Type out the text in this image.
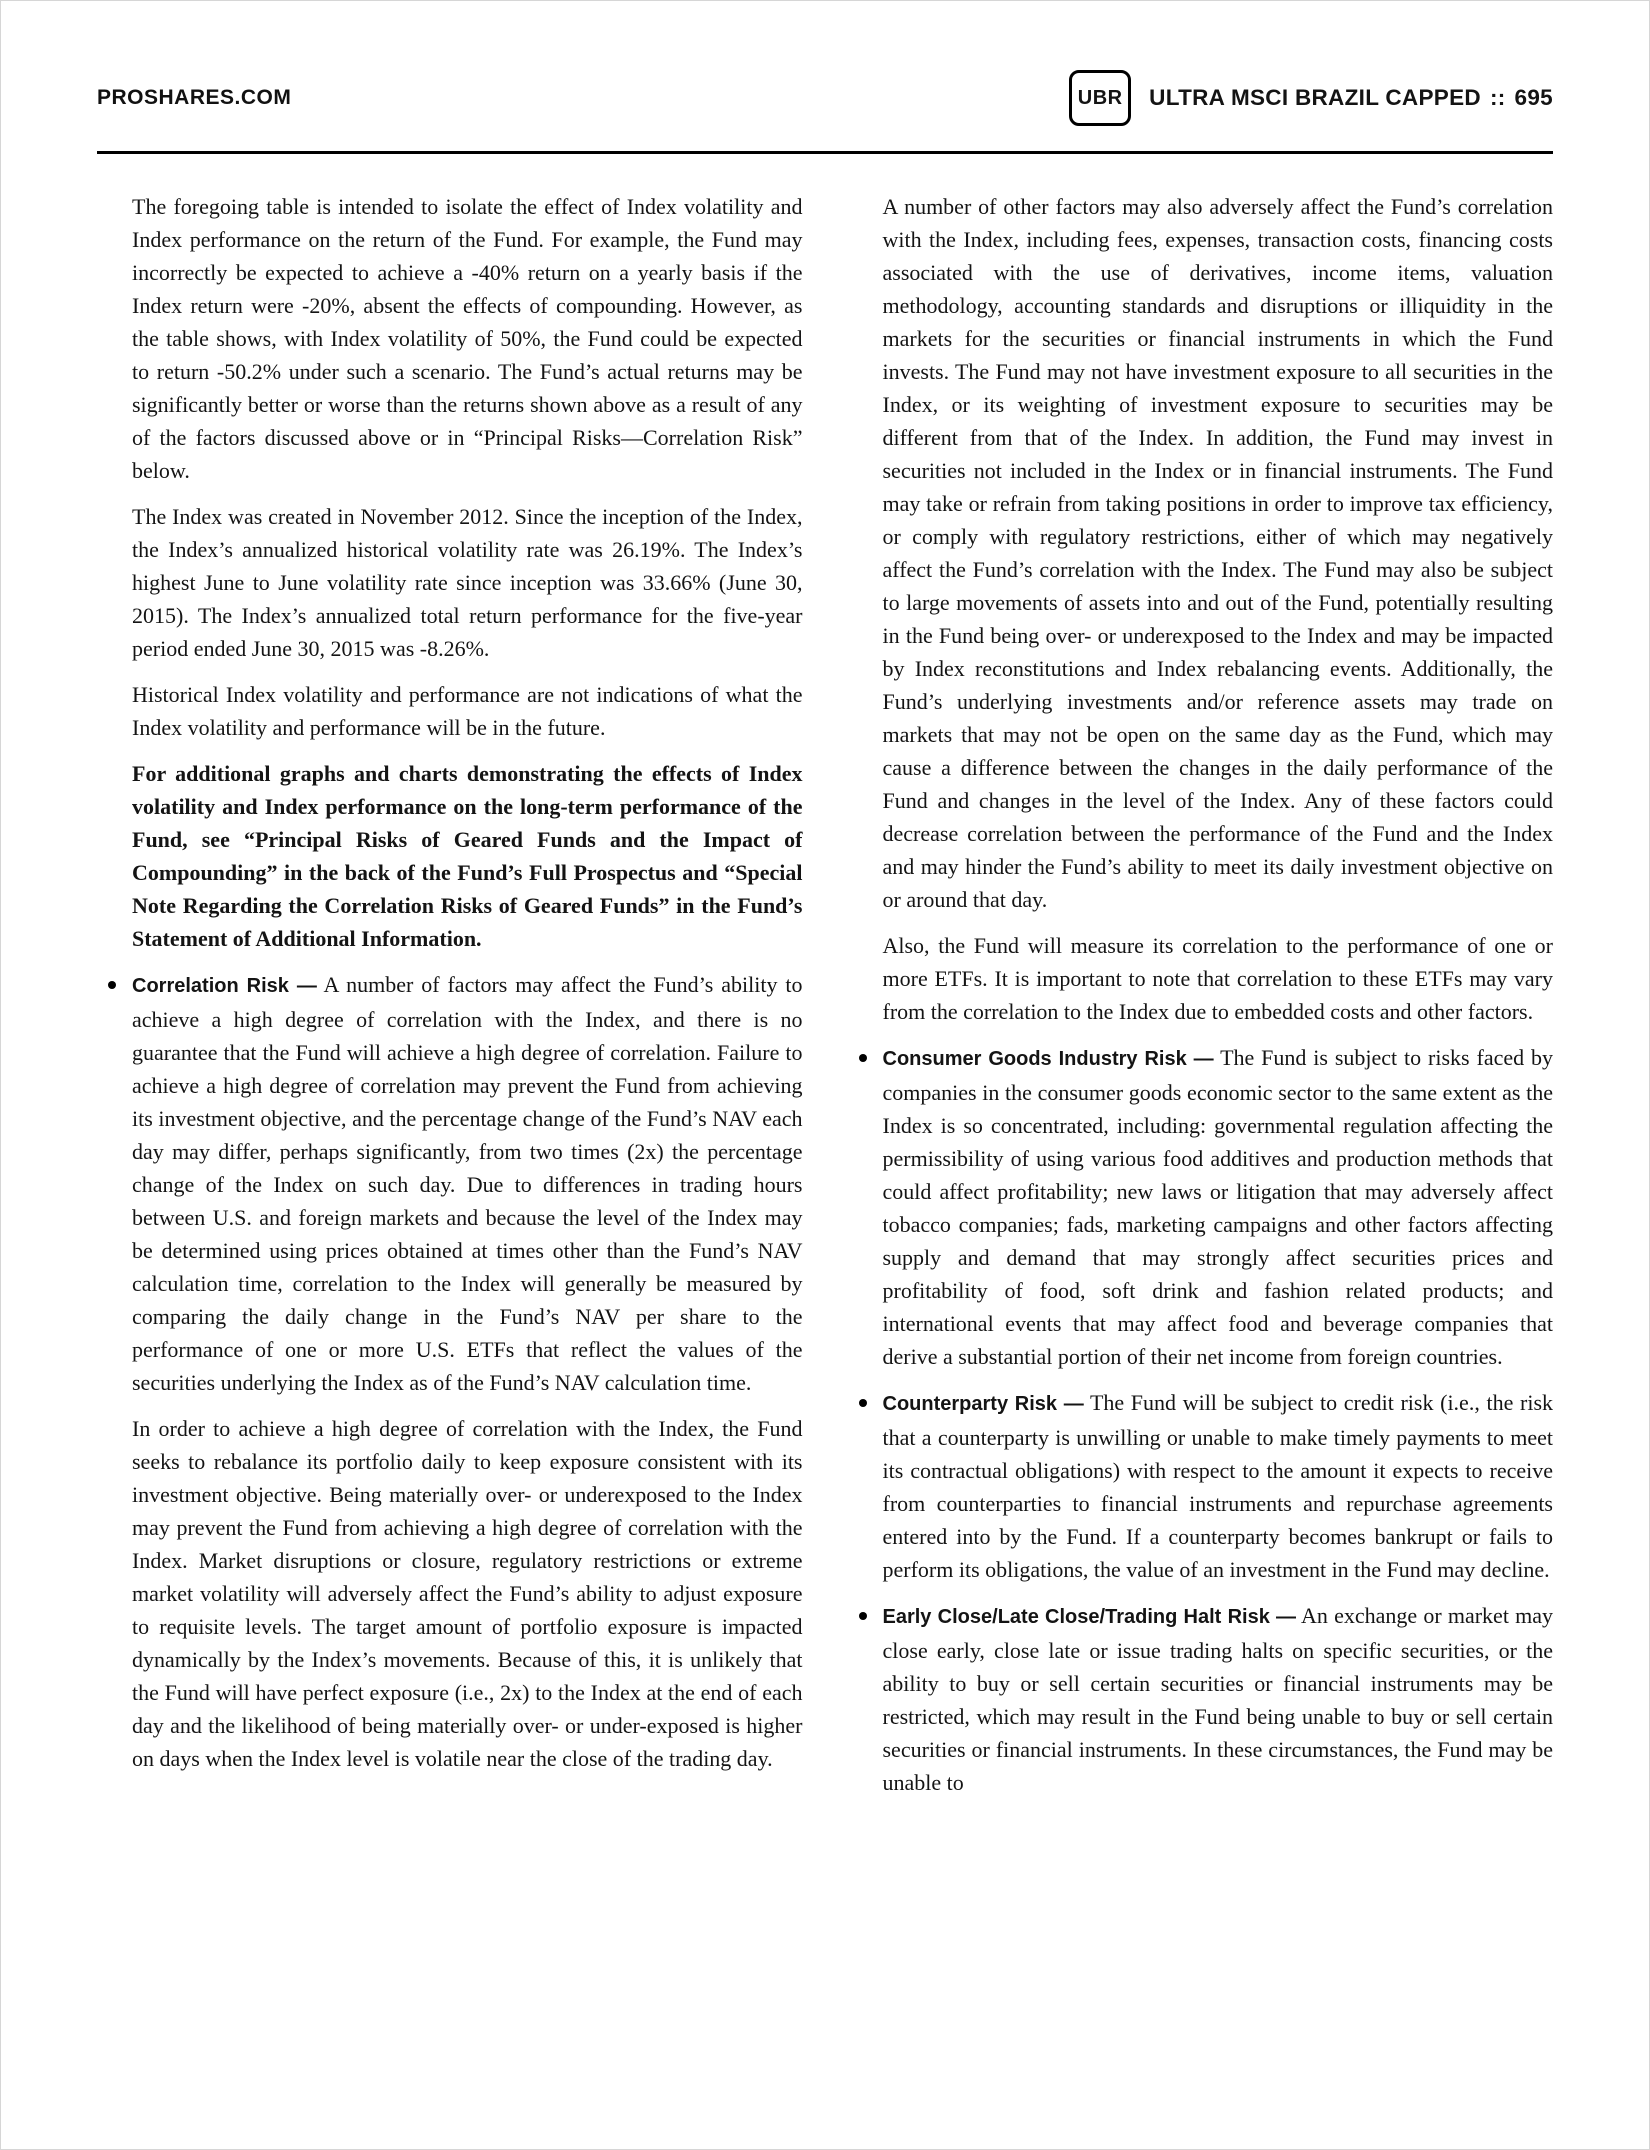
PROSHARES.COM	UBR ULTRA MSCI BRAZIL CAPPED :: 695

The foregoing table is intended to isolate the effect of Index volatility and Index performance on the return of the Fund. For example, the Fund may incorrectly be expected to achieve a -40% return on a yearly basis if the Index return were -20%, absent the effects of compounding. However, as the table shows, with Index volatility of 50%, the Fund could be expected to return -50.2% under such a scenario. The Fund’s actual returns may be significantly better or worse than the returns shown above as a result of any of the factors discussed above or in “Principal Risks—Correlation Risk” below.

The Index was created in November 2012. Since the inception of the Index, the Index’s annualized historical volatility rate was 26.19%. The Index’s highest June to June volatility rate since inception was 33.66% (June 30, 2015). The Index’s annualized total return performance for the five-year period ended June 30, 2015 was -8.26%.

Historical Index volatility and performance are not indications of what the Index volatility and performance will be in the future.

For additional graphs and charts demonstrating the effects of Index volatility and Index performance on the long-term performance of the Fund, see “Principal Risks of Geared Funds and the Impact of Compounding” in the back of the Fund’s Full Prospectus and “Special Note Regarding the Correlation Risks of Geared Funds” in the Fund’s Statement of Additional Information.

Correlation Risk — A number of factors may affect the Fund’s ability to achieve a high degree of correlation with the Index, and there is no guarantee that the Fund will achieve a high degree of correlation. Failure to achieve a high degree of correlation may prevent the Fund from achieving its investment objective, and the percentage change of the Fund’s NAV each day may differ, perhaps significantly, from two times (2x) the percentage change of the Index on such day. Due to differences in trading hours between U.S. and foreign markets and because the level of the Index may be determined using prices obtained at times other than the Fund’s NAV calculation time, correlation to the Index will generally be measured by comparing the daily change in the Fund’s NAV per share to the performance of one or more U.S. ETFs that reflect the values of the securities underlying the Index as of the Fund’s NAV calculation time.

In order to achieve a high degree of correlation with the Index, the Fund seeks to rebalance its portfolio daily to keep exposure consistent with its investment objective. Being materially over- or underexposed to the Index may prevent the Fund from achieving a high degree of correlation with the Index. Market disruptions or closure, regulatory restrictions or extreme market volatility will adversely affect the Fund’s ability to adjust exposure to requisite levels. The target amount of portfolio exposure is impacted dynamically by the Index’s movements. Because of this, it is unlikely that the Fund will have perfect exposure (i.e., 2x) to the Index at the end of each day and the likelihood of being materially over- or under-exposed is higher on days when the Index level is volatile near the close of the trading day.

A number of other factors may also adversely affect the Fund’s correlation with the Index, including fees, expenses, transaction costs, financing costs associated with the use of derivatives, income items, valuation methodology, accounting standards and disruptions or illiquidity in the markets for the securities or financial instruments in which the Fund invests. The Fund may not have investment exposure to all securities in the Index, or its weighting of investment exposure to securities may be different from that of the Index. In addition, the Fund may invest in securities not included in the Index or in financial instruments. The Fund may take or refrain from taking positions in order to improve tax efficiency, or comply with regulatory restrictions, either of which may negatively affect the Fund’s correlation with the Index. The Fund may also be subject to large movements of assets into and out of the Fund, potentially resulting in the Fund being over- or underexposed to the Index and may be impacted by Index reconstitutions and Index rebalancing events. Additionally, the Fund’s underlying investments and/or reference assets may trade on markets that may not be open on the same day as the Fund, which may cause a difference between the changes in the daily performance of the Fund and changes in the level of the Index. Any of these factors could decrease correlation between the performance of the Fund and the Index and may hinder the Fund’s ability to meet its daily investment objective on or around that day.

Also, the Fund will measure its correlation to the performance of one or more ETFs. It is important to note that correlation to these ETFs may vary from the correlation to the Index due to embedded costs and other factors.

Consumer Goods Industry Risk — The Fund is subject to risks faced by companies in the consumer goods economic sector to the same extent as the Index is so concentrated, including: governmental regulation affecting the permissibility of using various food additives and production methods that could affect profitability; new laws or litigation that may adversely affect tobacco companies; fads, marketing campaigns and other factors affecting supply and demand that may strongly affect securities prices and profitability of food, soft drink and fashion related products; and international events that may affect food and beverage companies that derive a substantial portion of their net income from foreign countries.

Counterparty Risk — The Fund will be subject to credit risk (i.e., the risk that a counterparty is unwilling or unable to make timely payments to meet its contractual obligations) with respect to the amount it expects to receive from counterparties to financial instruments and repurchase agreements entered into by the Fund. If a counterparty becomes bankrupt or fails to perform its obligations, the value of an investment in the Fund may decline.

Early Close/Late Close/Trading Halt Risk — An exchange or market may close early, close late or issue trading halts on specific securities, or the ability to buy or sell certain securities or financial instruments may be restricted, which may result in the Fund being unable to buy or sell certain securities or financial instruments. In these circumstances, the Fund may be unable to
